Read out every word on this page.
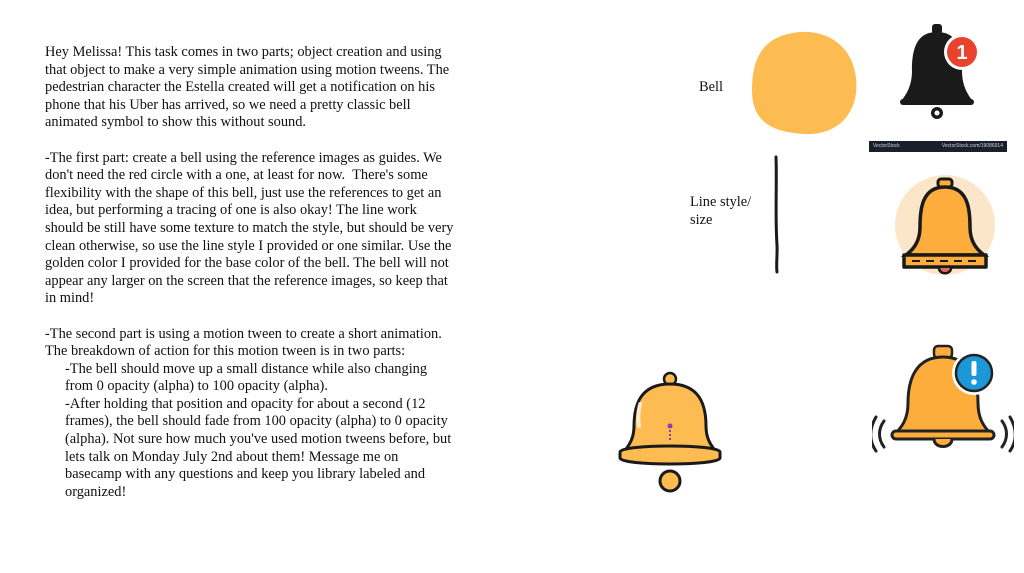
Hey Melissa! This task comes in two parts; object creation and using that object to make a very simple animation using motion tweens. The pedestrian character the Estella created will get a notification on his phone that his Uber has arrived, so we need a pretty classic bell animated symbol to show this without sound.

-The first part: create a bell using the reference images as guides. We don't need the red circle with a one, at least for now.  There's some flexibility with the shape of this bell, just use the references to get an idea, but performing a tracing of one is also okay! The line work should be still have some texture to match the style, but should be very clean otherwise, so use the line style I provided or one similar. Use the golden color I provided for the base color of the bell. The bell will not appear any larger on the screen that the reference images, so keep that in mind!

-The second part is using a motion tween to create a short animation. The breakdown of action for this motion tween is in two parts:

-The bell should move up a small distance while also changing from 0 opacity (alpha) to 100 opacity (alpha).

-After holding that position and opacity for about a second (12 frames), the bell should fade from 100 opacity (alpha) to 0 opacity (alpha). Not sure how much you've used motion tweens before, but lets talk on Monday July 2nd about them! Message me on basecamp with any questions and keep you library labeled and organized!

Bell
Line style/
size
1
VectorStock	VectorStock.com/19086914
